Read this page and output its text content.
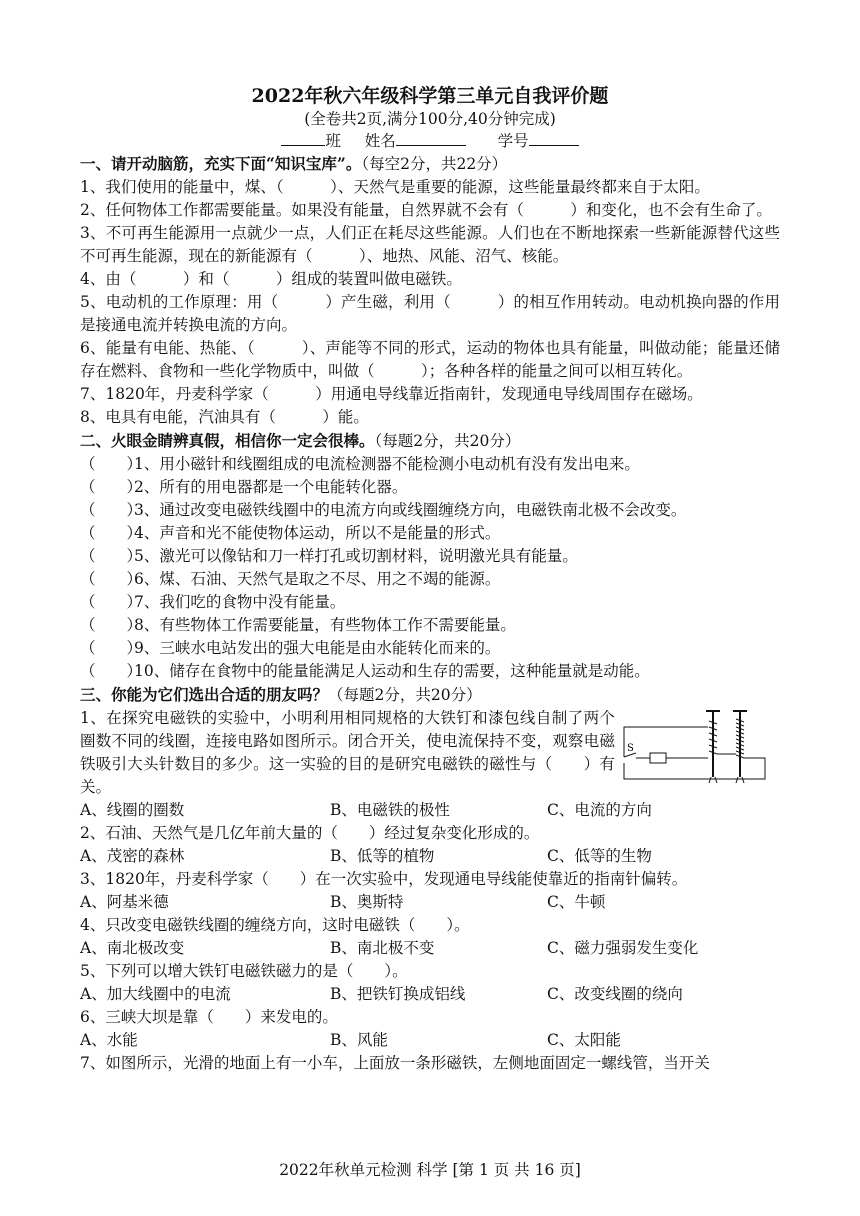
2022年秋六年级科学第三单元自我评价题
(全卷共2页,满分100分,40分钟完成)
班 姓名	学号
一、请开动脑筋，充实下面“知识宝库”。（每空2分，共22分）
1、我们使用的能量中，煤、（　　　）、天然气是重要的能源，这些能量最终都来自于太阳。
2、任何物体工作都需要能量。如果没有能量，自然界就不会有（　　　）和变化，也不会有生命了。
3、不可再生能源用一点就少一点，人们正在耗尽这些能源。人们也在不断地探索一些新能源替代这些不可再生能源，现在的新能源有（　　　）、地热、风能、沼气、核能。
4、由（　　　）和（　　　）组成的装置叫做电磁铁。
5、电动机的工作原理：用（　　　）产生磁，利用（　　　）的相互作用转动。电动机换向器的作用是接通电流并转换电流的方向。
6、能量有电能、热能、（　　　）、声能等不同的形式，运动的物体也具有能量，叫做动能；能量还储存在燃料、食物和一些化学物质中，叫做（　　　）；各种各样的能量之间可以相互转化。
7、1820年，丹麦科学家（　　　）用通电导线靠近指南针，发现通电导线周围存在磁场。
8、电具有电能，汽油具有（　　　）能。
二、火眼金睛辨真假，相信你一定会很棒。（每题2分，共20分）
（　　）1、用小磁针和线圈组成的电流检测器不能检测小电动机有没有发出电来。
（　　）2、所有的用电器都是一个电能转化器。
（　　）3、通过改变电磁铁线圈中的电流方向或线圈缠绕方向，电磁铁南北极不会改变。
（　　）4、声音和光不能使物体运动，所以不是能量的形式。
（　　）5、激光可以像钻和刀一样打孔或切割材料，说明激光具有能量。
（　　）6、煤、石油、天然气是取之不尽、用之不竭的能源。
（　　）7、我们吃的食物中没有能量。
（　　）8、有些物体工作需要能量，有些物体工作不需要能量。
（　　）9、三峡水电站发出的强大电能是由水能转化而来的。
（　　）10、储存在食物中的能量能满足人运动和生存的需要，这种能量就是动能。
三、你能为它们选出合适的朋友吗？（每题2分，共20分）
1、在探究电磁铁的实验中，小明利用相同规格的大铁钉和漆包线自制了两个圈数不同的线圈，连接电路如图所示。闭合开关，使电流保持不变，观察电磁铁吸引大头针数目的多少。这一实验的目的是研究电磁铁的磁性与（　　）有关。
S
A、线圈的圈数	B、电磁铁的极性	C、电流的方向
2、石油、天然气是几亿年前大量的（　　）经过复杂变化形成的。
A、茂密的森林	B、低等的植物	C、低等的生物
3、1820年，丹麦科学家（　　）在一次实验中，发现通电导线能使靠近的指南针偏转。
A、阿基米德	B、奥斯特	C、牛顿
4、只改变电磁铁线圈的缠绕方向，这时电磁铁（　　）。
A、南北极改变	B、南北极不变	C、磁力强弱发生变化
5、下列可以增大铁钉电磁铁磁力的是（　　）。
A、加大线圈中的电流	B、把铁钉换成铝线	C、改变线圈的绕向
6、三峡大坝是靠（　　）来发电的。
A、水能	B、风能	C、太阳能
7、如图所示，光滑的地面上有一小车，上面放一条形磁铁，左侧地面固定一螺线管，当开关
2022年秋单元检测 科学 [第 1 页 共 16 页]
